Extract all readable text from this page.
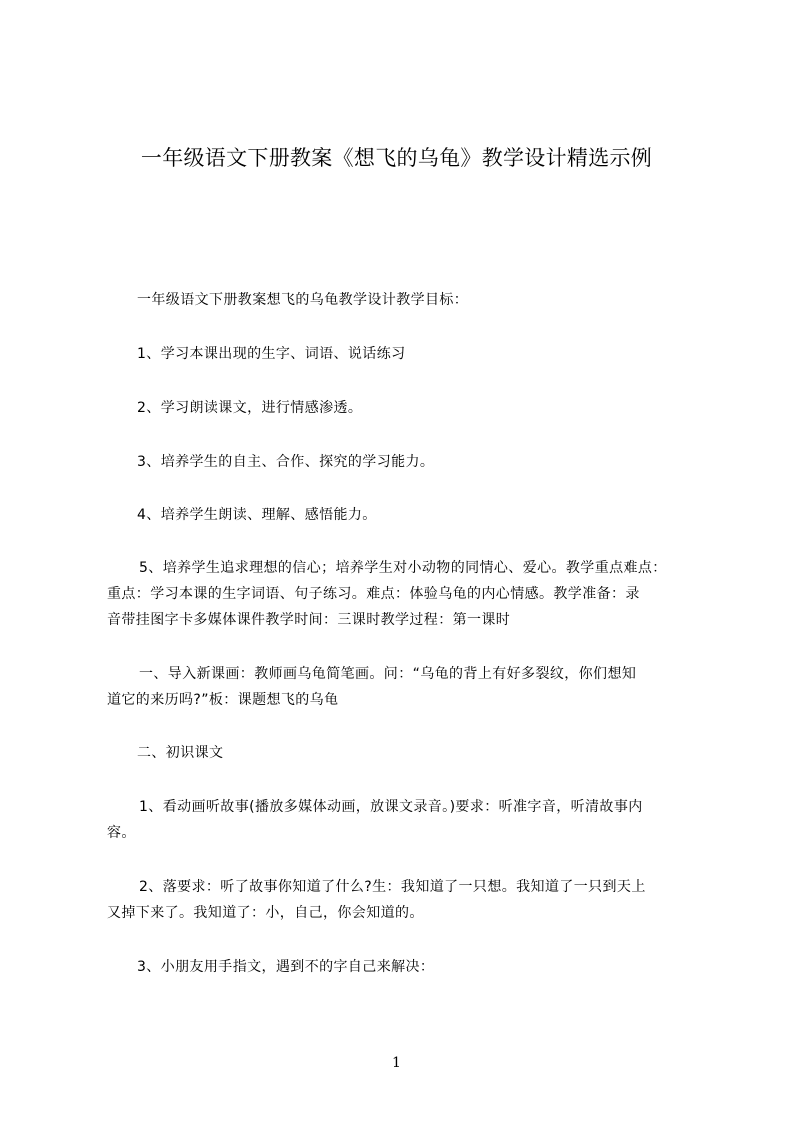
一年级语文下册教案《想飞的乌龟》教学设计精选示例

一年级语文下册教案想飞的乌龟教学设计教学目标：

1、学习本课出现的生字、词语、说话练习

2、学习朗读课文，进行情感渗透。

3、培养学生的自主、合作、探究的学习能力。

4、培养学生朗读、理解、感悟能力。

5、培养学生追求理想的信心；培养学生对小动物的同情心、爱心。教学重点难点：

重点：学习本课的生字词语、句子练习。难点：体验乌龟的内心情感。教学准备：录

音带挂图字卡多媒体课件教学时间：三课时教学过程：第一课时

一、导入新课画：教师画乌龟简笔画。问：“乌龟的背上有好多裂纹，你们想知

道它的来历吗?”板：课题想飞的乌龟

二、初识课文

1、看动画听故事(播放多媒体动画，放课文录音。)要求：听准字音，听清故事内

容。

2、落要求：听了故事你知道了什么?生：我知道了一只想。我知道了一只到天上

又掉下来了。我知道了：小，自己，你会知道的。

3、小朋友用手指文，遇到不的字自己来解决：

1
